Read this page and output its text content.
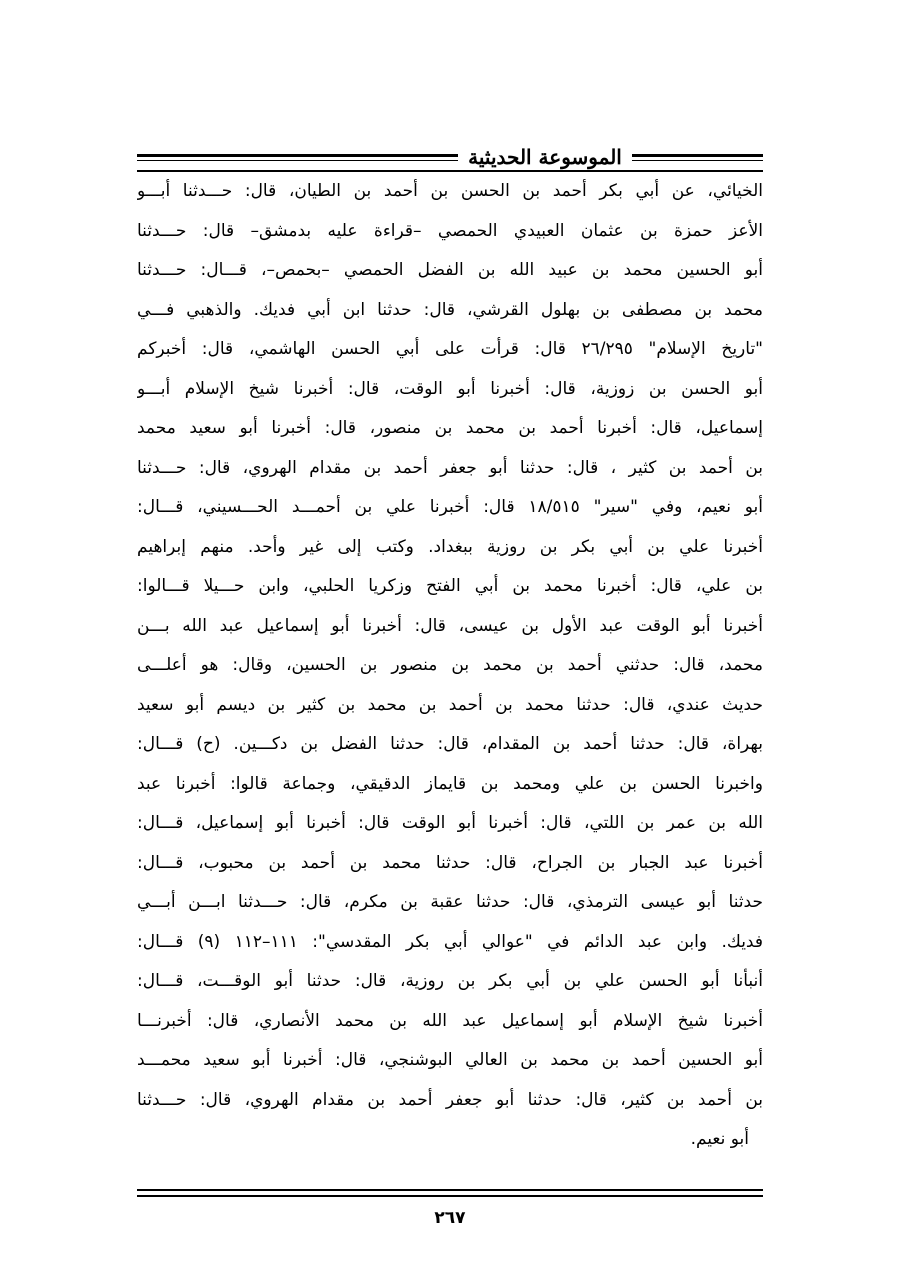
الموسوعة الحديثية
الخيائي، عن أبي بكر أحمد بن الحسن بن أحمد بن الطيان، قال: حـــدثنا أبـــو
الأعز حمزة بن عثمان العبيدي الحمصي –قراءة عليه بدمشق– قال: حـــدثنا
أبو الحسين محمد بن عبيد الله بن الفضل الحمصي –بحمص–، قـــال: حـــدثنا
محمد بن مصطفى بن بهلول القرشي، قال: حدثنا ابن أبي فديك. والذهبي فـــي
"تاريخ الإسلام" ٢٦/٢٩٥ قال: قرأت على أبي الحسن الهاشمي، قال: أخبركم
أبو الحسن بن زوزية، قال: أخبرنا أبو الوقت، قال: أخبرنا شيخ الإسلام أبـــو
إسماعيل، قال: أخبرنا أحمد بن محمد بن منصور، قال: أخبرنا أبو سعيد محمد
بن أحمد بن كثير ، قال: حدثنا أبو جعفر أحمد بن مقدام الهروي، قال: حـــدثنا
أبو نعيم، وفي "سير" ١٨/٥١٥ قال: أخبرنا علي بن أحمـــد الحـــسيني، قـــال:
أخبرنا علي بن أبي بكر بن روزية ببغداد. وكتب إلى غير وأحد. منهم إبراهيم
بن علي، قال: أخبرنا محمد بن أبي الفتح وزكريا الحلبي، وابن حـــيلا قـــالوا:
أخبرنا أبو الوقت عبد الأول بن عيسى، قال: أخبرنا أبو إسماعيل عبد الله بـــن
محمد، قال: حدثني أحمد بن محمد بن منصور بن الحسين، وقال: هو أعلـــى
حديث عندي، قال: حدثنا محمد بن أحمد بن محمد بن كثير بن ديسم أبو سعيد
بهراة، قال: حدثنا أحمد بن المقدام، قال: حدثنا الفضل بن دكـــين. (ح) قـــال:
واخبرنا الحسن بن علي ومحمد بن قايماز الدقيقي، وجماعة قالوا: أخبرنا عبد
الله بن عمر بن اللتي، قال: أخبرنا أبو الوقت قال: أخبرنا أبو إسماعيل، قـــال:
أخبرنا عبد الجبار بن الجراح، قال: حدثنا محمد بن أحمد بن محبوب، قـــال:
حدثنا أبو عيسى الترمذي، قال: حدثنا عقبة بن مكرم، قال: حـــدثنا ابـــن أبـــي
فديك. وابن عبد الدائم في "عوالي أبي بكر المقدسي": ١١١–١١٢ (٩) قـــال:
أنبأنا أبو الحسن علي بن أبي بكر بن روزية، قال: حدثنا أبو الوقـــت، قـــال:
أخبرنا شيخ الإسلام أبو إسماعيل عبد الله بن محمد الأنصاري، قال: أخبرنـــا
أبو الحسين أحمد بن محمد بن العالي البوشنجي، قال: أخبرنا أبو سعيد محمـــد
بن أحمد بن كثير، قال: حدثنا أبو جعفر أحمد بن مقدام الهروي، قال: حـــدثنا
أبو نعيم.
٢٦٧
